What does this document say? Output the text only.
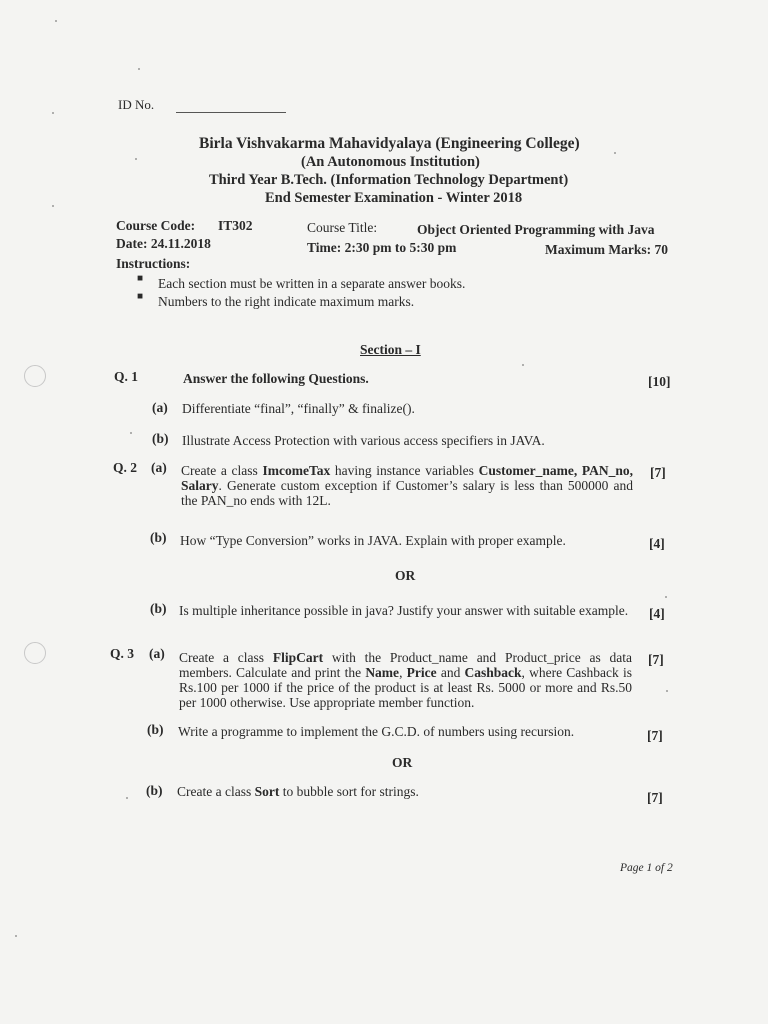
ID No.
Birla Vishvakarma Mahavidyalaya (Engineering College)
(An Autonomous Institution)
Third Year B.Tech. (Information Technology Department)
End Semester Examination - Winter 2018
Course Code: IT302	Course Title:	Object Oriented Programming with Java
Date: 24.11.2018	Time: 2:30 pm to 5:30 pm	Maximum Marks: 70
Instructions:
■ Each section must be written in a separate answer books.
■ Numbers to the right indicate maximum marks.
Section – I
Q. 1	Answer the following Questions.	[10]
(a) Differentiate “final”, “finally” & finalize().
(b) Illustrate Access Protection with various access specifiers in JAVA.
Q. 2 (a) Create a class ImcomeTax having instance variables Customer_name, PAN_no, Salary. Generate custom exception if Customer’s salary is less than 500000 and the PAN_no ends with 12L.
[7]
(b) How “Type Conversion” works in JAVA. Explain with proper example.	[4]
OR
(b) Is multiple inheritance possible in java? Justify your answer with suitable example. [4]
Q. 3 (a) Create a class FlipCart with the Product_name and Product_price as data members. Calculate and print the Name, Price and Cashback, where Cashback is Rs.100 per 1000 if the price of the product is at least Rs. 5000 or more and Rs.50 per 1000 otherwise. Use appropriate member function.
[7]
(b) Write a programme to implement the G.C.D. of numbers using recursion.	[7]
OR
(b) Create a class Sort to bubble sort for strings.	[7]
Page 1 of 2
